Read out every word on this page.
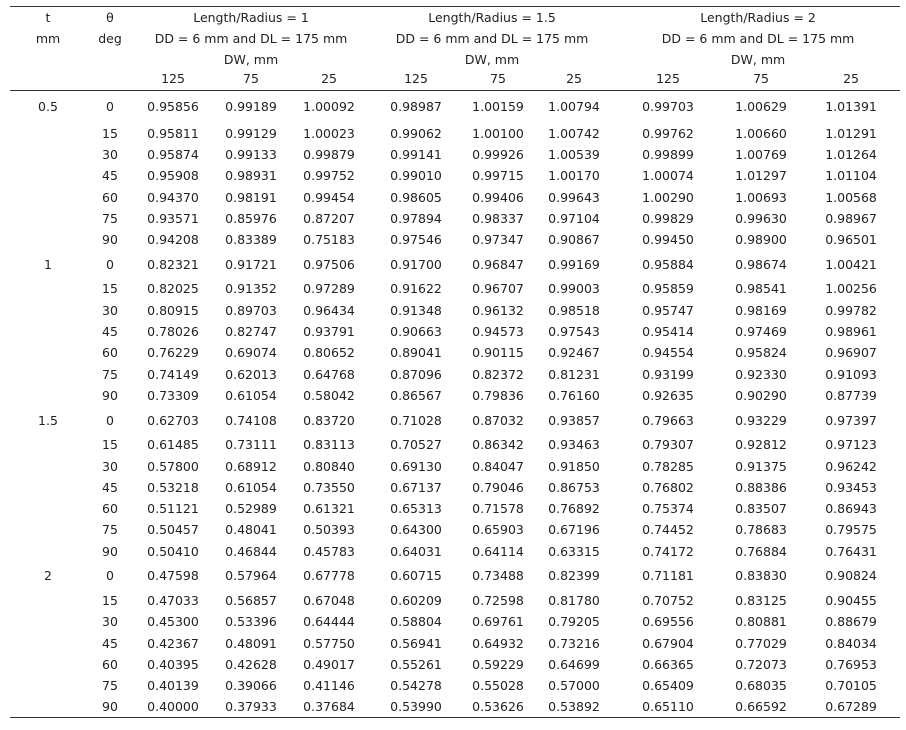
t	θ	Length/Radius = 1			Length/Radius = 1.5			Length/Radius = 2		
mm	deg	DD = 6 mm and DL = 175 mm			DD = 6 mm and DL = 175 mm			DD = 6 mm and DL = 175 mm		
		DW, mm			DW, mm			DW, mm		
		125	75	25	125	75	25	125	75	25
0.5	0	0.95856	0.99189	1.00092	0.98987	1.00159	1.00794	0.99703	1.00629	1.01391
	15	0.95811	0.99129	1.00023	0.99062	1.00100	1.00742	0.99762	1.00660	1.01291
	30	0.95874	0.99133	0.99879	0.99141	0.99926	1.00539	0.99899	1.00769	1.01264
	45	0.95908	0.98931	0.99752	0.99010	0.99715	1.00170	1.00074	1.01297	1.01104
	60	0.94370	0.98191	0.99454	0.98605	0.99406	0.99643	1.00290	1.00693	1.00568
	75	0.93571	0.85976	0.87207	0.97894	0.98337	0.97104	0.99829	0.99630	0.98967
	90	0.94208	0.83389	0.75183	0.97546	0.97347	0.90867	0.99450	0.98900	0.96501
1	0	0.82321	0.91721	0.97506	0.91700	0.96847	0.99169	0.95884	0.98674	1.00421
	15	0.82025	0.91352	0.97289	0.91622	0.96707	0.99003	0.95859	0.98541	1.00256
	30	0.80915	0.89703	0.96434	0.91348	0.96132	0.98518	0.95747	0.98169	0.99782
	45	0.78026	0.82747	0.93791	0.90663	0.94573	0.97543	0.95414	0.97469	0.98961
	60	0.76229	0.69074	0.80652	0.89041	0.90115	0.92467	0.94554	0.95824	0.96907
	75	0.74149	0.62013	0.64768	0.87096	0.82372	0.81231	0.93199	0.92330	0.91093
	90	0.73309	0.61054	0.58042	0.86567	0.79836	0.76160	0.92635	0.90290	0.87739
1.5	0	0.62703	0.74108	0.83720	0.71028	0.87032	0.93857	0.79663	0.93229	0.97397
	15	0.61485	0.73111	0.83113	0.70527	0.86342	0.93463	0.79307	0.92812	0.97123
	30	0.57800	0.68912	0.80840	0.69130	0.84047	0.91850	0.78285	0.91375	0.96242
	45	0.53218	0.61054	0.73550	0.67137	0.79046	0.86753	0.76802	0.88386	0.93453
	60	0.51121	0.52989	0.61321	0.65313	0.71578	0.76892	0.75374	0.83507	0.86943
	75	0.50457	0.48041	0.50393	0.64300	0.65903	0.67196	0.74452	0.78683	0.79575
	90	0.50410	0.46844	0.45783	0.64031	0.64114	0.63315	0.74172	0.76884	0.76431
2	0	0.47598	0.57964	0.67778	0.60715	0.73488	0.82399	0.71181	0.83830	0.90824
	15	0.47033	0.56857	0.67048	0.60209	0.72598	0.81780	0.70752	0.83125	0.90455
	30	0.45300	0.53396	0.64444	0.58804	0.69761	0.79205	0.69556	0.80881	0.88679
	45	0.42367	0.48091	0.57750	0.56941	0.64932	0.73216	0.67904	0.77029	0.84034
	60	0.40395	0.42628	0.49017	0.55261	0.59229	0.64699	0.66365	0.72073	0.76953
	75	0.40139	0.39066	0.41146	0.54278	0.55028	0.57000	0.65409	0.68035	0.70105
	90	0.40000	0.37933	0.37684	0.53990	0.53626	0.53892	0.65110	0.66592	0.67289
